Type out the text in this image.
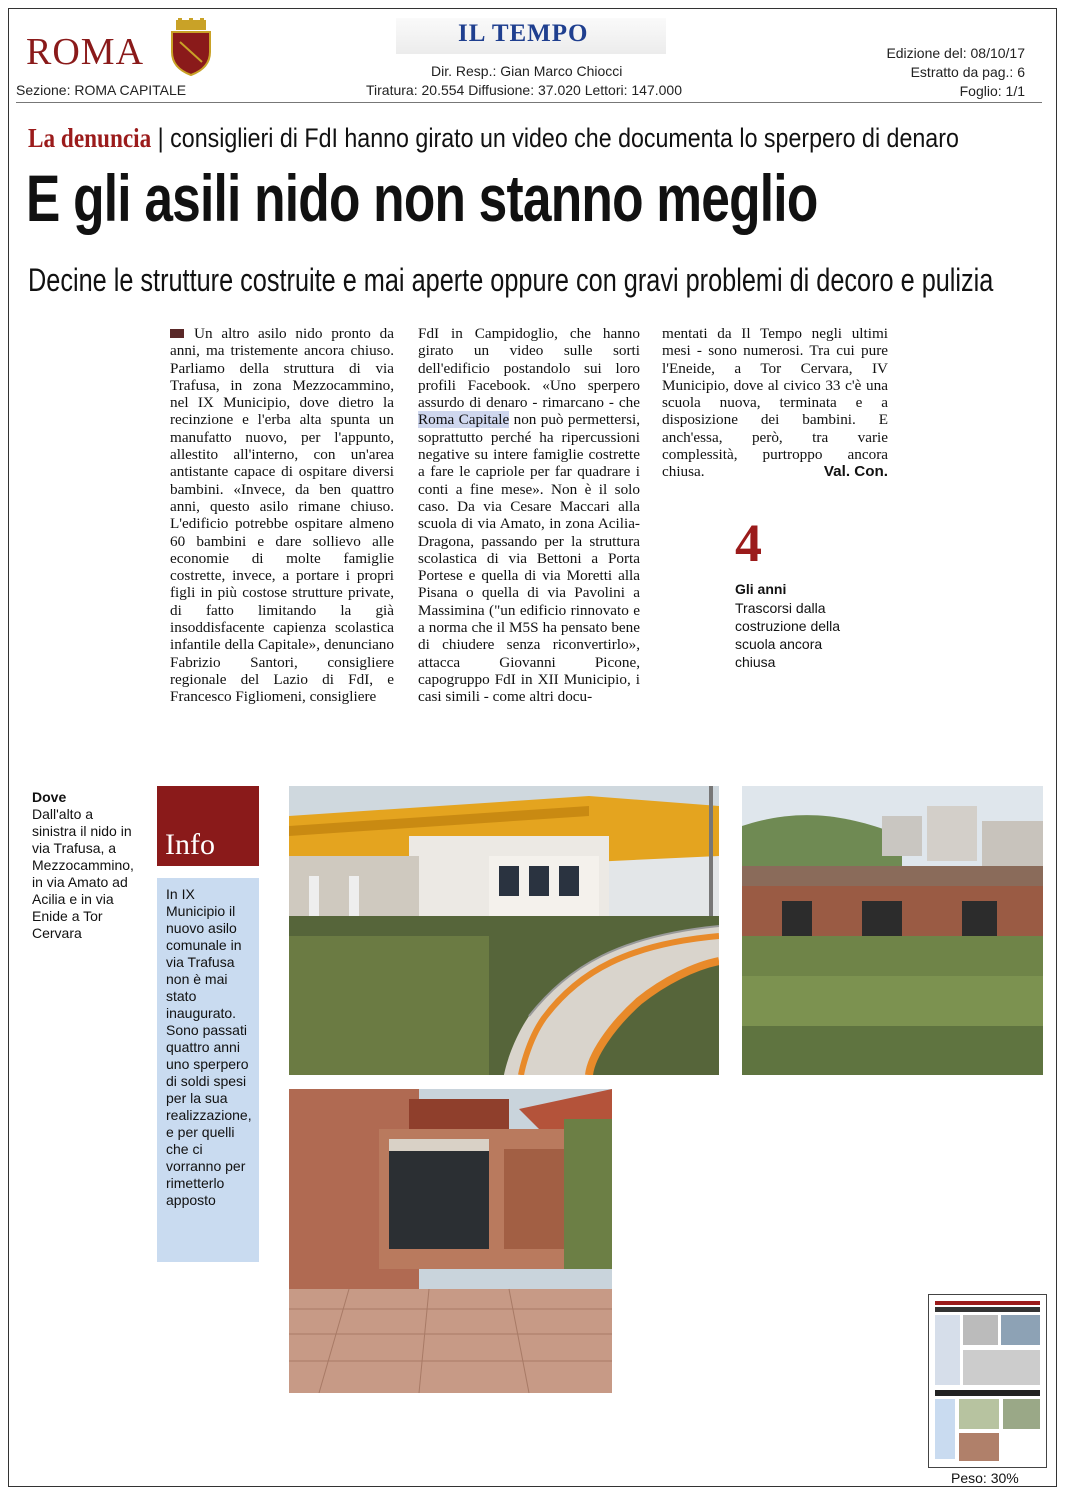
ROMA
Sezione: ROMA CAPITALE
IL TEMPO
Dir. Resp.: Gian Marco Chiocci
Tiratura: 20.554 Diffusione: 37.020 Lettori: 147.000
Edizione del: 08/10/17
Estratto da pag.: 6
Foglio: 1/1
La denuncia | consiglieri di FdI hanno girato un video che documenta lo sperpero di denaro
E gli asili nido non stanno meglio
Decine le strutture costruite e mai aperte oppure con gravi problemi di decoro e pulizia
Un altro asilo nido pronto da anni, ma tristemente ancora chiuso. Parliamo della struttura di via Trafusa, in zona Mezzocammino, nel IX Municipio, dove dietro la recinzione e l'erba alta spunta un manufatto nuovo, per l'appunto, allestito all'interno, con un'area antistante capace di ospitare diversi bambini. «Invece, da ben quattro anni, questo asilo rimane chiuso. L'edificio potrebbe ospitare almeno 60 bambini e dare sollievo alle economie di molte famiglie costrette, invece, a portare i propri figli in più costose strutture private, di fatto limitando la già insoddisfacente capienza scolastica infantile della Capitale», denunciano Fabrizio Santori, consigliere regionale del Lazio di FdI, e Francesco Figliomeni, consigliere
FdI in Campidoglio, che hanno girato un video sulle sorti dell'edificio postandolo sui loro profili Facebook. «Uno sperpero assurdo di denaro - rimarcano - che Roma Capitale non può permettersi, soprattutto perché ha ripercussioni negative su intere famiglie costrette a fare le capriole per far quadrare i conti a fine mese». Non è il solo caso. Da via Cesare Maccari alla scuola di via Amato, in zona Acilia-Dragona, passando per la struttura scolastica di via Bettoni a Porta Portese e quella di via Moretti alla Pisana o quella di via Pavolini a Massimina ("un edificio rinnovato e a norma che il M5S ha pensato bene di chiudere senza riconvertirlo», attacca Giovanni Picone, capogruppo FdI in XII Municipio, i casi simili - come altri docu-
mentati da Il Tempo negli ultimi mesi - sono numerosi. Tra cui pure l'Eneide, a Tor Cervara, IV Municipio, dove al civico 33 c'è una scuola nuova, terminata e a disposizione dei bambini. E anch'essa, però, tra varie complessità, purtroppo ancora chiusa.	Val. Con.
4
Gli anni
Trascorsi dalla costruzione della scuola ancora chiusa
Dove
Dall'alto a sinistra il nido in via Trafusa, a Mezzocammino, in via Amato ad Acilia e in via Enide a Tor Cervara
Info
In IX Municipio il nuovo asilo comunale in via Trafusa non è mai stato inaugurato. Sono passati quattro anni uno sperpero di soldi spesi per la sua realizzazione, e per quelli che ci vorranno per rimetterlo apposto
Peso: 30%
